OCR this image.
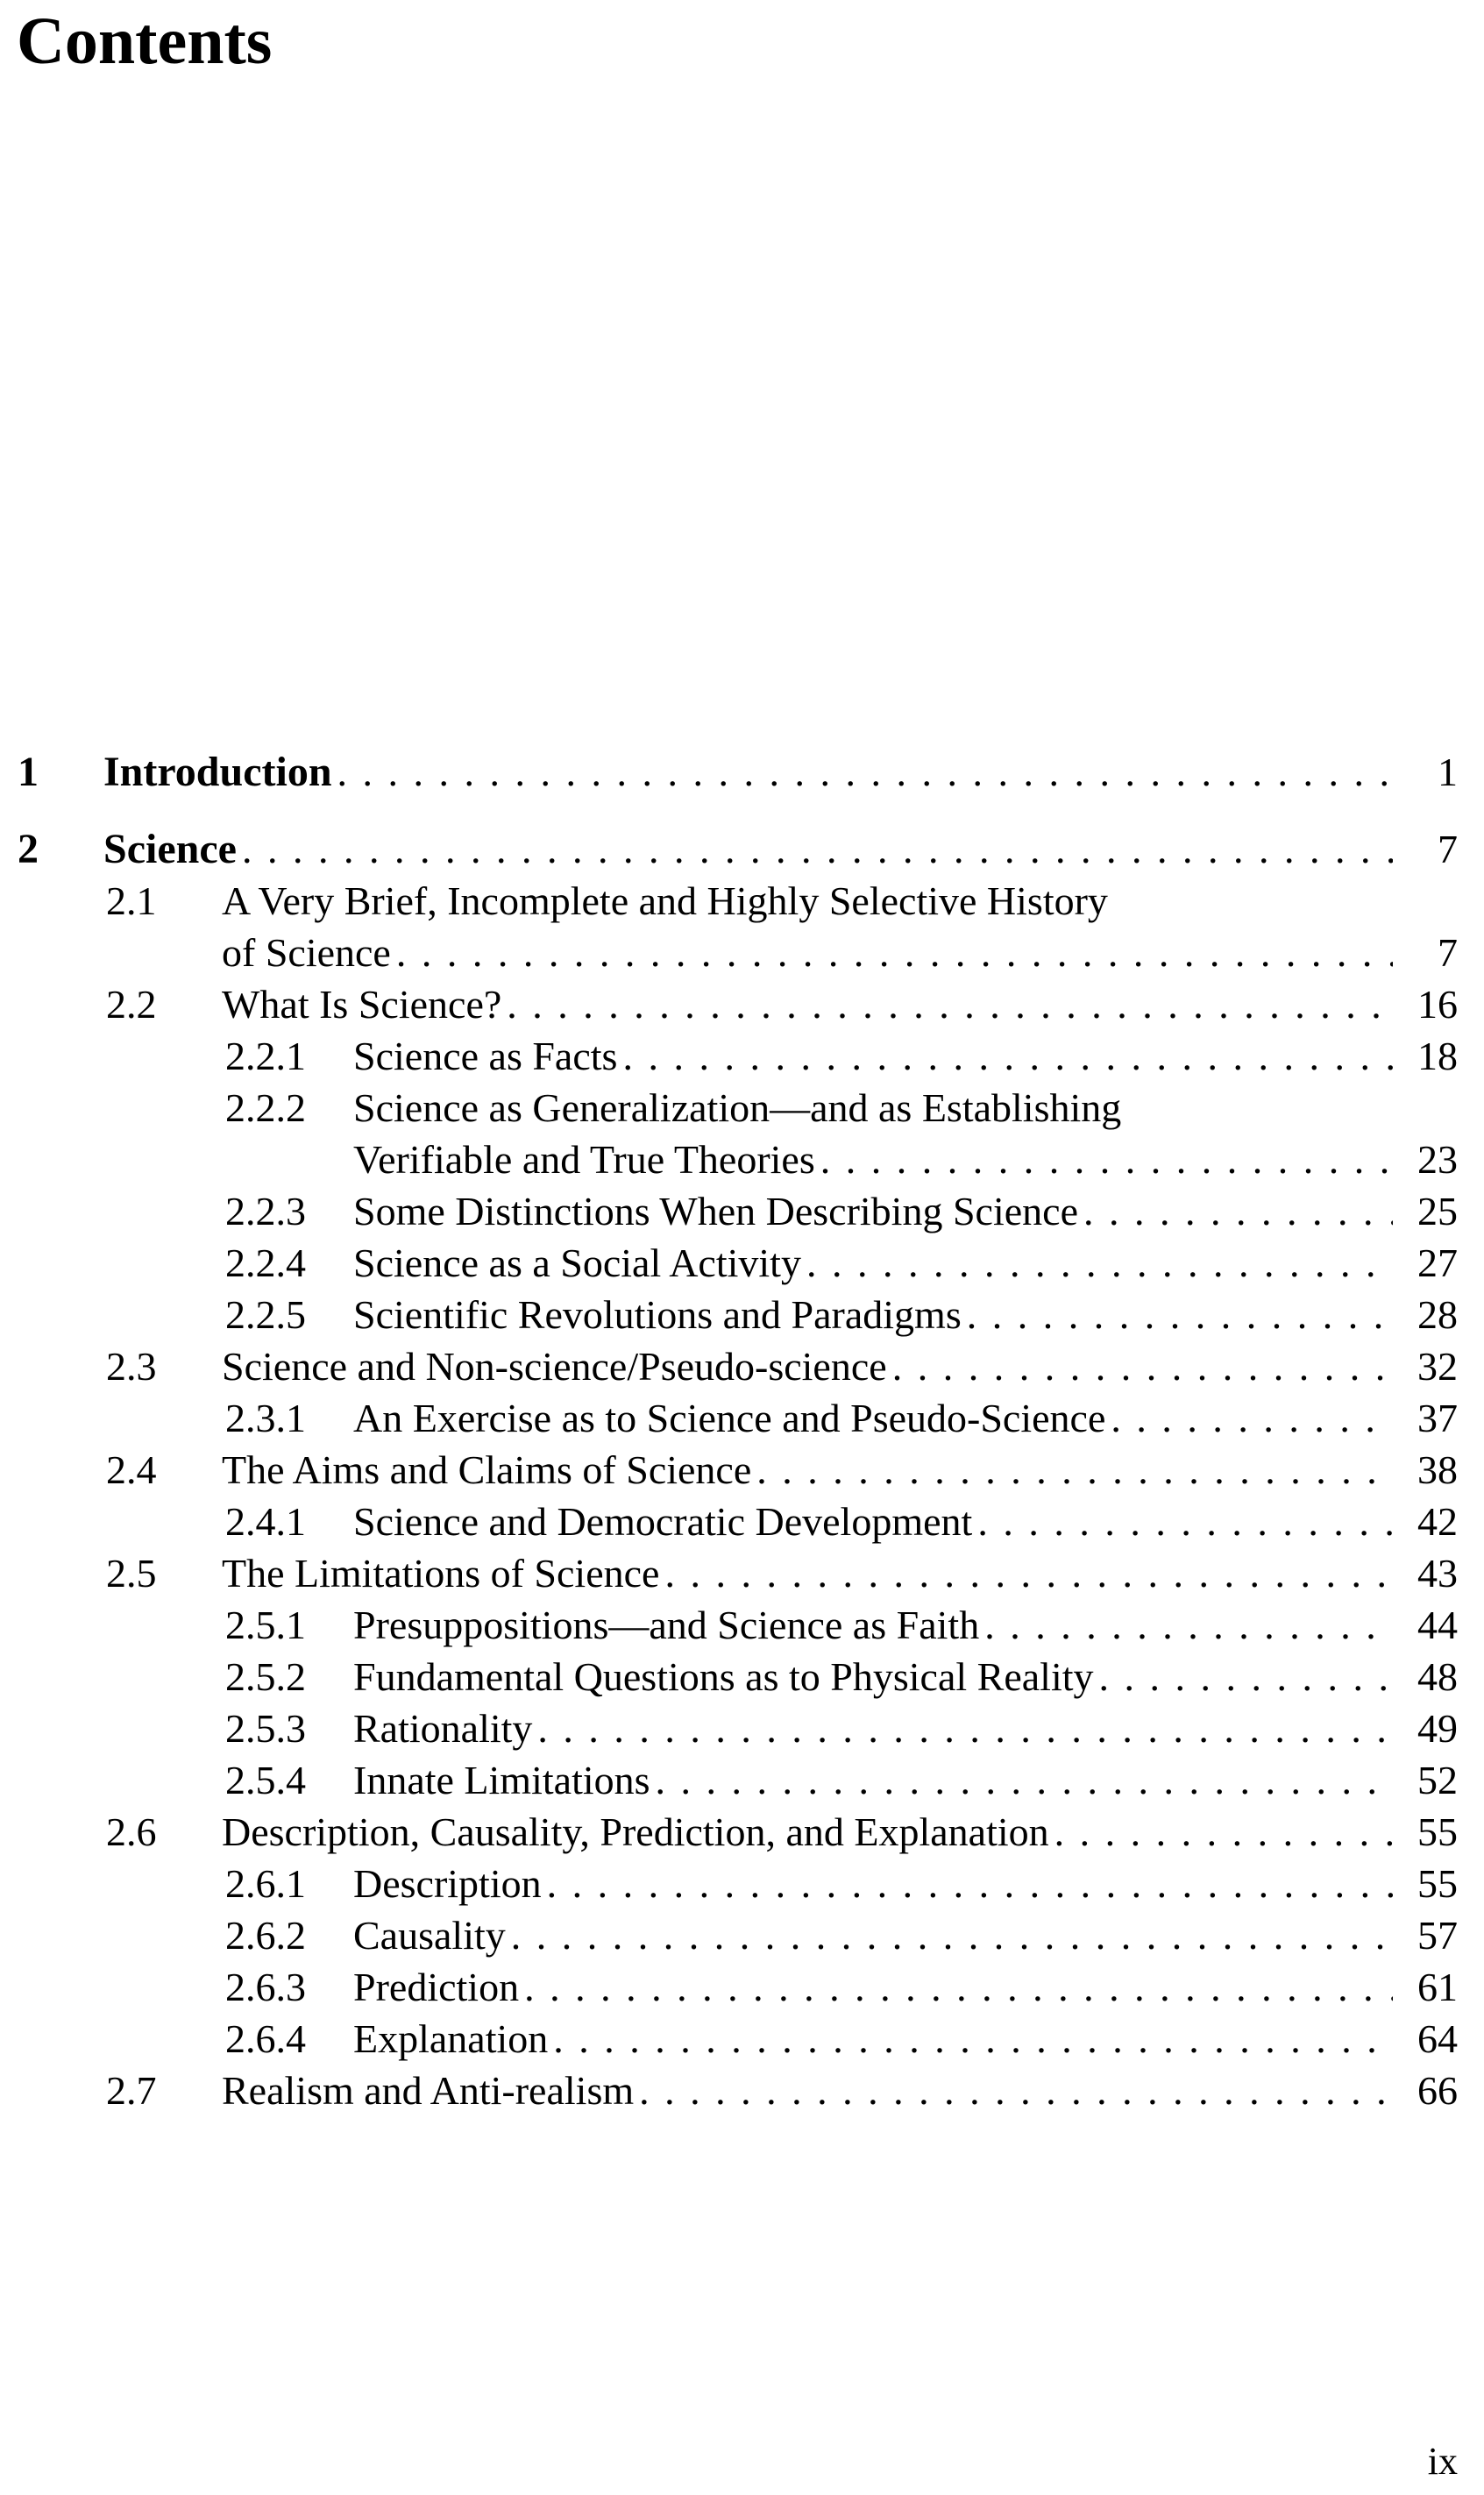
Contents
1	Introduction . . .	1
2	Science . . .	7
2.1	A Very Brief, Incomplete and Highly Selective History
of Science . . .	7
2.2	What Is Science? . . .	16
2.2.1	Science as Facts . . .	18
2.2.2	Science as Generalization—and as Establishing
Verifiable and True Theories . . .	23
2.2.3	Some Distinctions When Describing Science . . .	25
2.2.4	Science as a Social Activity . . .	27
2.2.5	Scientific Revolutions and Paradigms . . .	28
2.3	Science and Non-science/Pseudo-science . . .	32
2.3.1	An Exercise as to Science and Pseudo-Science . . .	37
2.4	The Aims and Claims of Science . . .	38
2.4.1	Science and Democratic Development . . .	42
2.5	The Limitations of Science . . .	43
2.5.1	Presuppositions—and Science as Faith . . .	44
2.5.2	Fundamental Questions as to Physical Reality . . .	48
2.5.3	Rationality . . .	49
2.5.4	Innate Limitations . . .	52
2.6	Description, Causality, Prediction, and Explanation . . .	55
2.6.1	Description . . .	55
2.6.2	Causality . . .	57
2.6.3	Prediction . . .	61
2.6.4	Explanation . . .	64
2.7	Realism and Anti-realism . . .	66
ix
